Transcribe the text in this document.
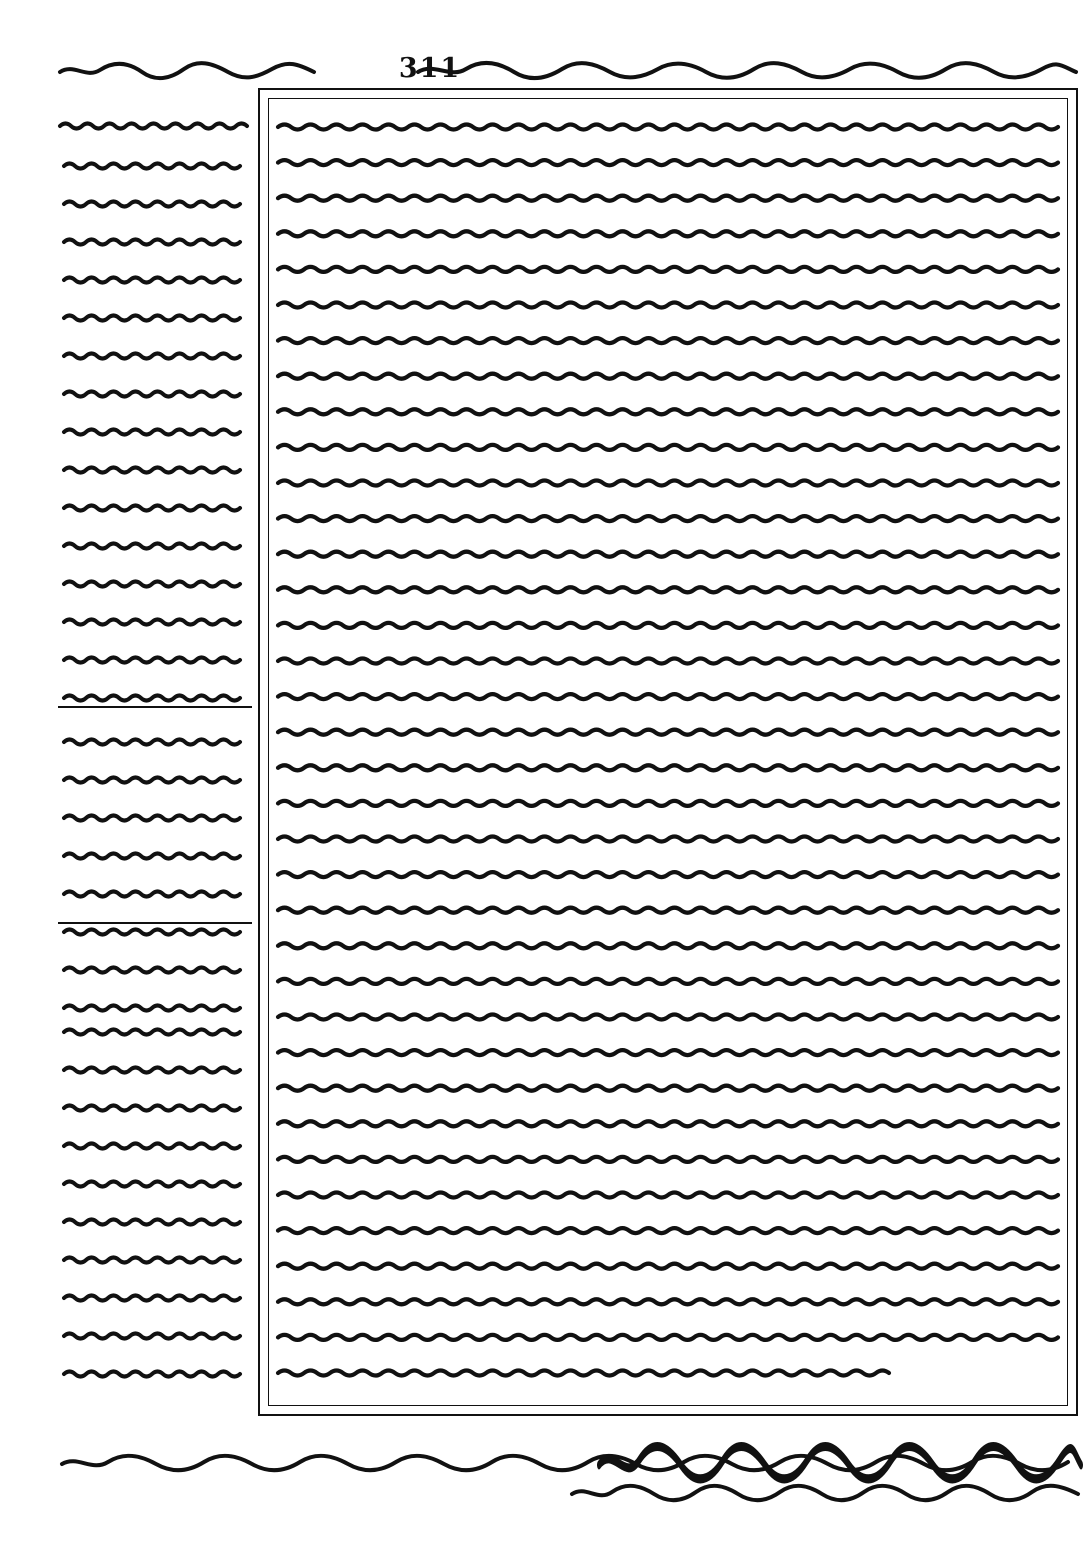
311
